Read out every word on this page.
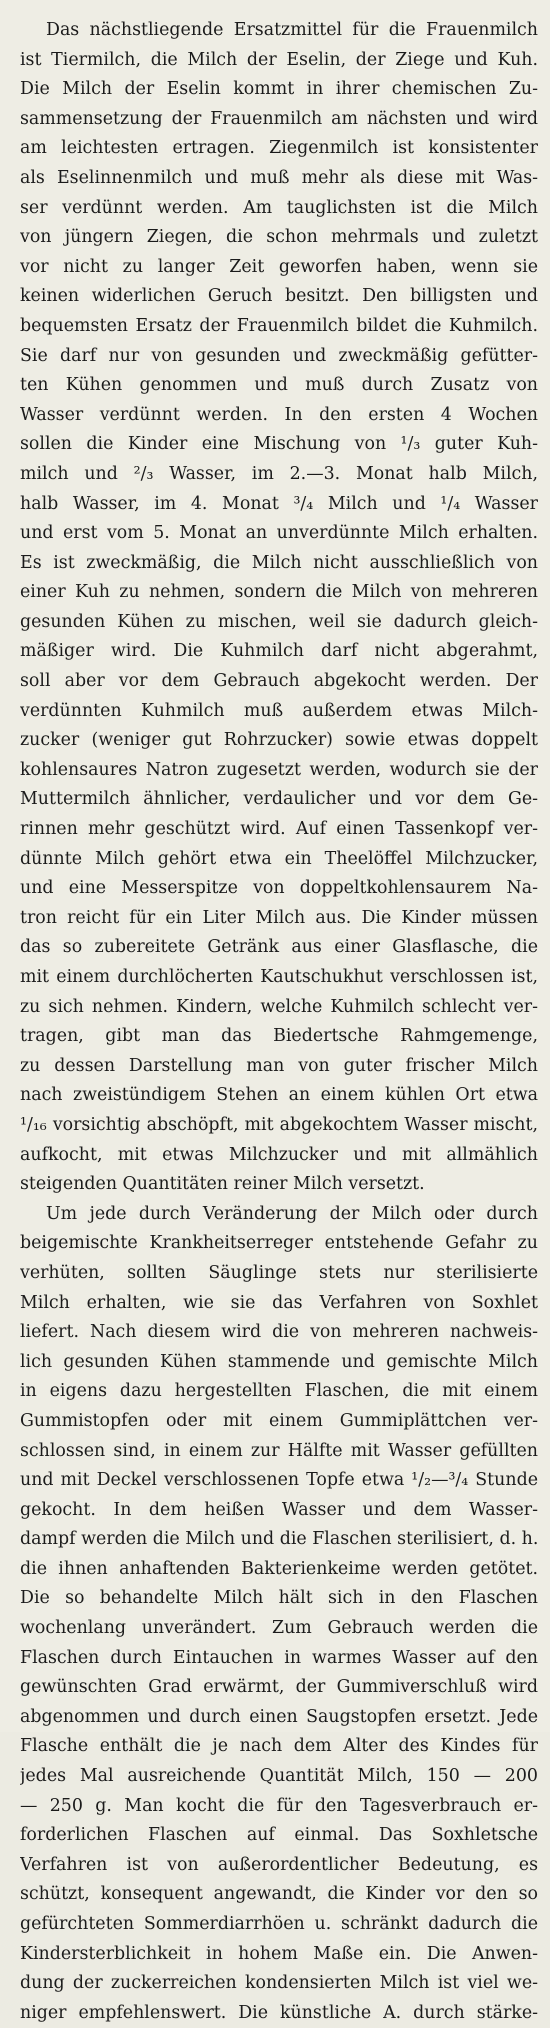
Das nächstliegende Ersatzmittel für die Frauenmilch
ist Tiermilch, die Milch der Eselin, der Ziege und Kuh.
Die Milch der Eselin kommt in ihrer chemischen Zu-
sammensetzung der Frauenmilch am nächsten und wird
am leichtesten ertragen. Ziegenmilch ist konsistenter
als Eselinnenmilch und muß mehr als diese mit Was-
ser verdünnt werden. Am tauglichsten ist die Milch
von jüngern Ziegen, die schon mehrmals und zuletzt
vor nicht zu langer Zeit geworfen haben, wenn sie
keinen widerlichen Geruch besitzt. Den billigsten und
bequemsten Ersatz der Frauenmilch bildet die Kuhmilch.
Sie darf nur von gesunden und zweckmäßig gefütter-
ten Kühen genommen und muß durch Zusatz von
Wasser verdünnt werden. In den ersten 4 Wochen
sollen die Kinder eine Mischung von ¹/₃ guter Kuh-
milch und ²/₃ Wasser, im 2.—3. Monat halb Milch,
halb Wasser, im 4. Monat ³/₄ Milch und ¹/₄ Wasser
und erst vom 5. Monat an unverdünnte Milch erhalten.
Es ist zweckmäßig, die Milch nicht ausschließlich von
einer Kuh zu nehmen, sondern die Milch von mehreren
gesunden Kühen zu mischen, weil sie dadurch gleich-
mäßiger wird. Die Kuhmilch darf nicht abgerahmt,
soll aber vor dem Gebrauch abgekocht werden. Der
verdünnten Kuhmilch muß außerdem etwas Milch-
zucker (weniger gut Rohrzucker) sowie etwas doppelt
kohlensaures Natron zugesetzt werden, wodurch sie der
Muttermilch ähnlicher, verdaulicher und vor dem Ge-
rinnen mehr geschützt wird. Auf einen Tassenkopf ver-
dünnte Milch gehört etwa ein Theelöffel Milchzucker,
und eine Messerspitze von doppeltkohlensaurem Na-
tron reicht für ein Liter Milch aus. Die Kinder müssen
das so zubereitete Getränk aus einer Glasflasche, die
mit einem durchlöcherten Kautschukhut verschlossen ist,
zu sich nehmen. Kindern, welche Kuhmilch schlecht ver-
tragen, gibt man das Biedertsche Rahmgemenge,
zu dessen Darstellung man von guter frischer Milch
nach zweistündigem Stehen an einem kühlen Ort etwa
¹/₁₆ vorsichtig abschöpft, mit abgekochtem Wasser mischt,
aufkocht, mit etwas Milchzucker und mit allmählich
steigenden Quantitäten reiner Milch versetzt.
Um jede durch Veränderung der Milch oder durch
beigemischte Krankheitserreger entstehende Gefahr zu
verhüten, sollten Säuglinge stets nur sterilisierte
Milch erhalten, wie sie das Verfahren von Soxhlet
liefert. Nach diesem wird die von mehreren nachweis-
lich gesunden Kühen stammende und gemischte Milch
in eigens dazu hergestellten Flaschen, die mit einem
Gummistopfen oder mit einem Gummiplättchen ver-
schlossen sind, in einem zur Hälfte mit Wasser gefüllten
und mit Deckel verschlossenen Topfe etwa ¹/₂—³/₄ Stunde
gekocht. In dem heißen Wasser und dem Wasser-
dampf werden die Milch und die Flaschen sterilisiert, d. h.
die ihnen anhaftenden Bakterienkeime werden getötet.
Die so behandelte Milch hält sich in den Flaschen
wochenlang unverändert. Zum Gebrauch werden die
Flaschen durch Eintauchen in warmes Wasser auf den
gewünschten Grad erwärmt, der Gummiverschluß wird
abgenommen und durch einen Saugstopfen ersetzt. Jede
Flasche enthält die je nach dem Alter des Kindes für
jedes Mal ausreichende Quantität Milch, 150 — 200
— 250 g. Man kocht die für den Tagesverbrauch er-
forderlichen Flaschen auf einmal. Das Soxhletsche
Verfahren ist von außerordentlicher Bedeutung, es
schützt, konsequent angewandt, die Kinder vor den so
gefürchteten Sommerdiarrhöen u. schränkt dadurch die
Kindersterblichkeit in hohem Maße ein. Die Anwen-
dung der zuckerreichen kondensierten Milch ist viel we-
niger empfehlenswert. Die künstliche A. durch stärke-
